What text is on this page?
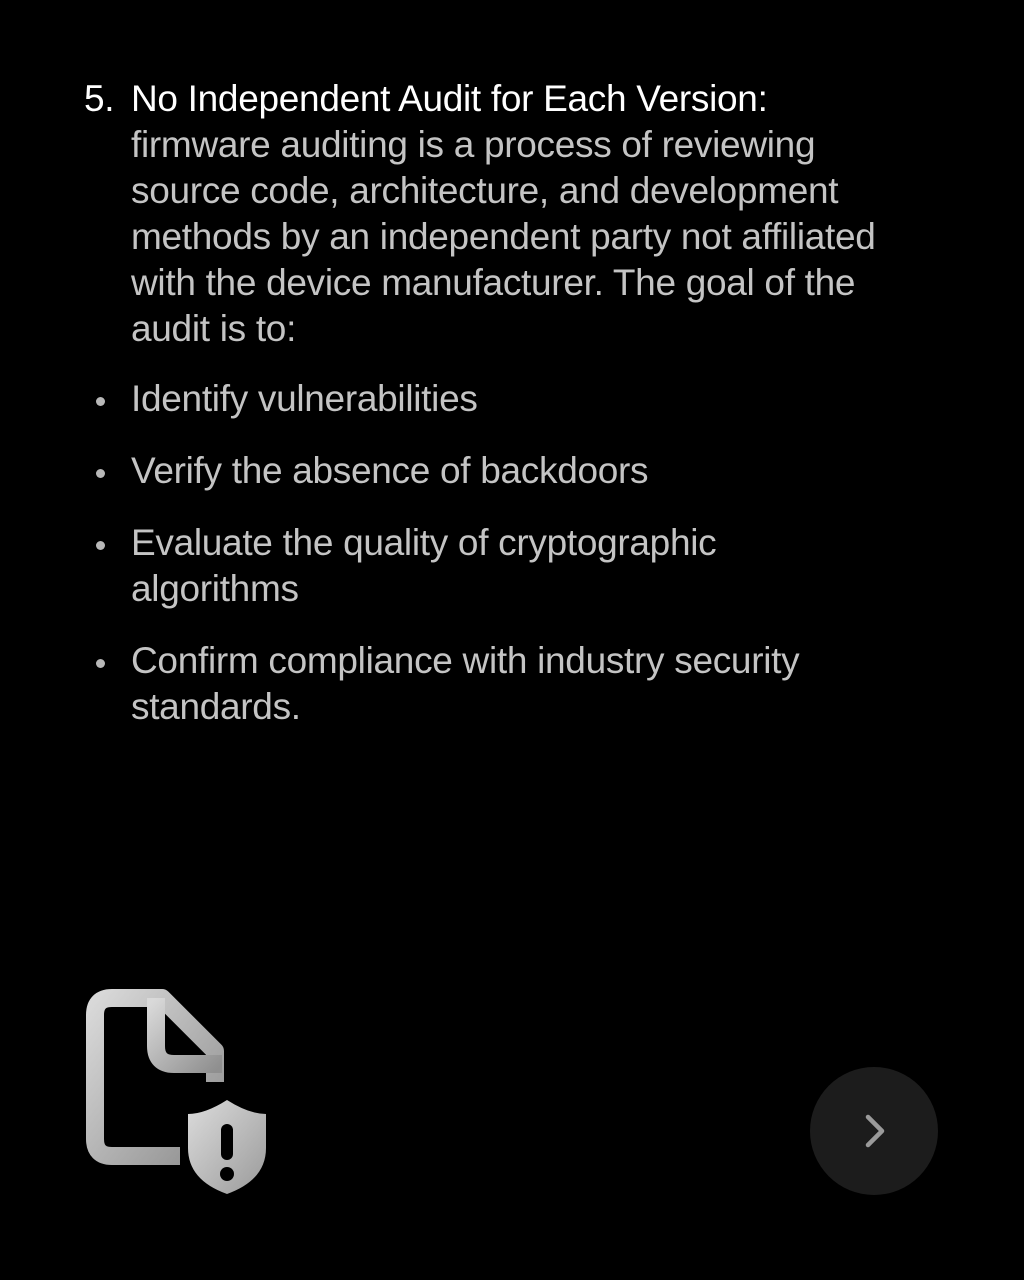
5. No Independent Audit for Each Version:
firmware auditing is a process of reviewing source code, architecture, and development methods by an independent party not affiliated with the device manufacturer. The goal of the audit is to:
Identify vulnerabilities
Verify the absence of backdoors
Evaluate the quality of cryptographic algorithms
Confirm compliance with industry security standards.
